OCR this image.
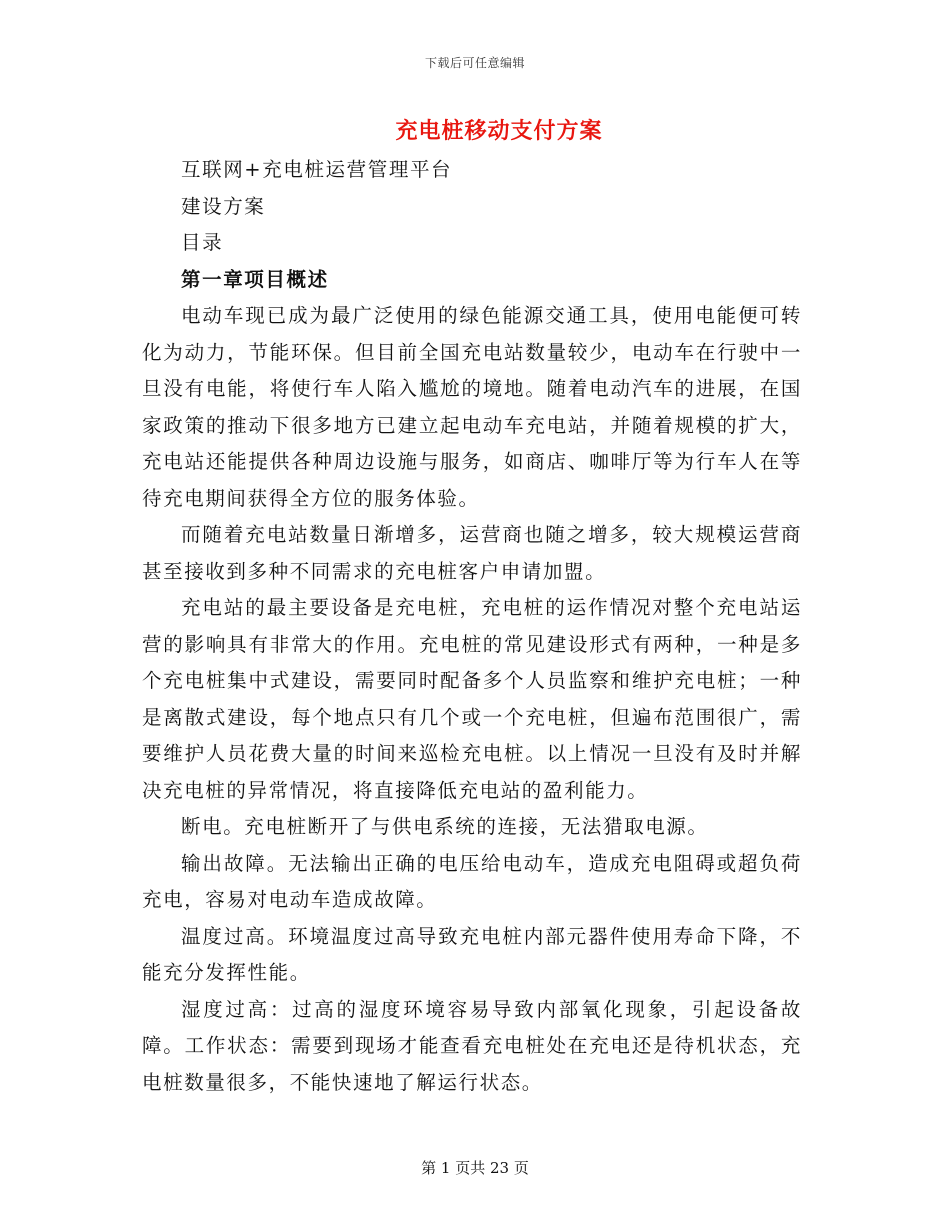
下载后可任意编辑
充电桩移动支付方案

互联网+充电桩运营管理平台

建设方案

目录

第一章项目概述

电动车现已成为最广泛使用的绿色能源交通工具，使用电能便可转化为动力，节能环保。但目前全国充电站数量较少，电动车在行驶中一旦没有电能，将使行车人陷入尴尬的境地。随着电动汽车的进展，在国家政策的推动下很多地方已建立起电动车充电站，并随着规模的扩大，充电站还能提供各种周边设施与服务，如商店、咖啡厅等为行车人在等待充电期间获得全方位的服务体验。

而随着充电站数量日渐增多，运营商也随之增多，较大规模运营商甚至接收到多种不同需求的充电桩客户申请加盟。

充电站的最主要设备是充电桩，充电桩的运作情况对整个充电站运营的影响具有非常大的作用。充电桩的常见建设形式有两种，一种是多个充电桩集中式建设，需要同时配备多个人员监察和维护充电桩；一种是离散式建设，每个地点只有几个或一个充电桩，但遍布范围很广，需要维护人员花费大量的时间来巡检充电桩。以上情况一旦没有及时并解决充电桩的异常情况，将直接降低充电站的盈利能力。

断电。充电桩断开了与供电系统的连接，无法猎取电源。

输出故障。无法输出正确的电压给电动车，造成充电阻碍或超负荷充电，容易对电动车造成故障。

温度过高。环境温度过高导致充电桩内部元器件使用寿命下降，不能充分发挥性能。

湿度过高：过高的湿度环境容易导致内部氧化现象，引起设备故障。工作状态：需要到现场才能查看充电桩处在充电还是待机状态，充电桩数量很多，不能快速地了解运行状态。

第 1 页共 23 页
